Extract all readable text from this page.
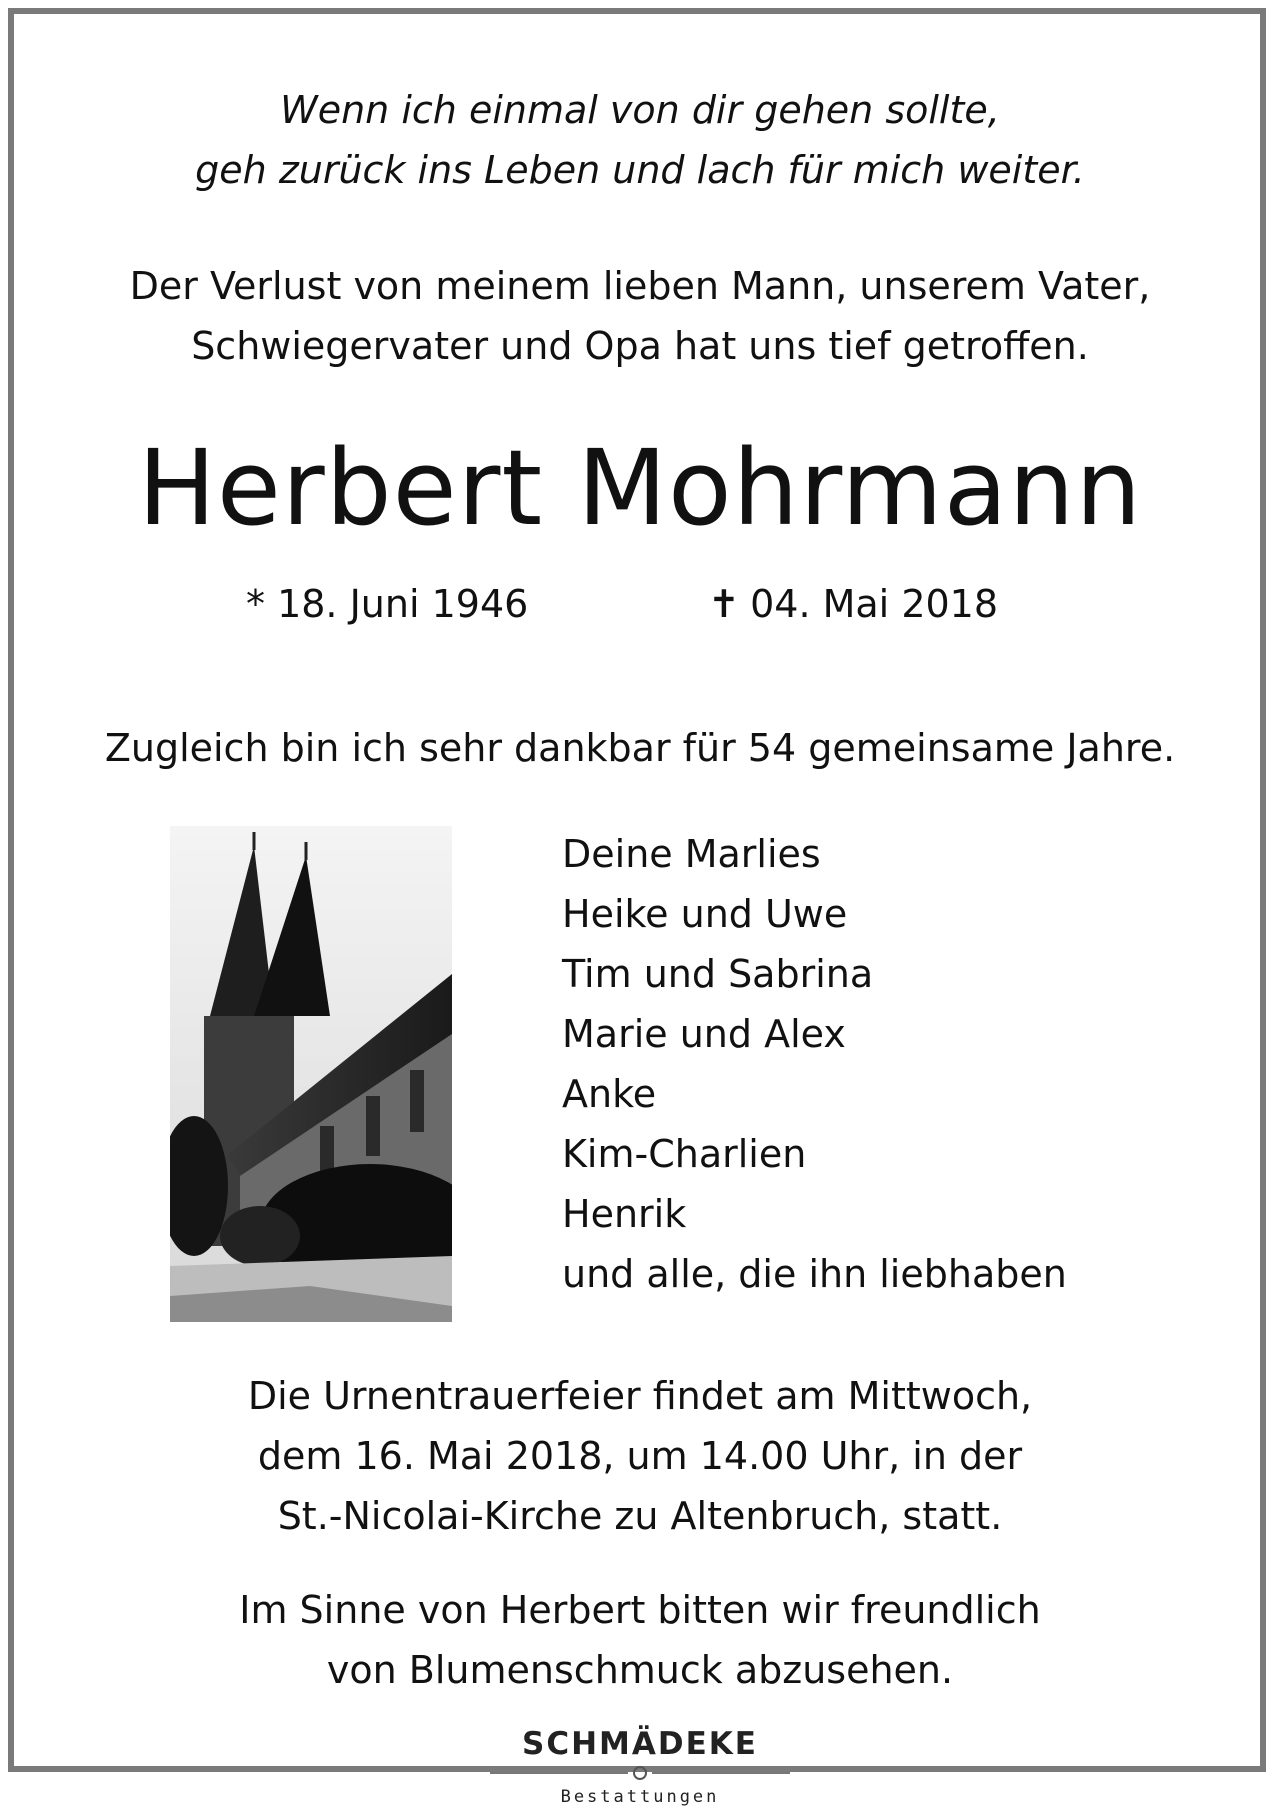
Wenn ich einmal von dir gehen sollte,
geh zurück ins Leben und lach für mich weiter.
Der Verlust von meinem lieben Mann, unserem Vater,
Schwiegervater und Opa hat uns tief getroffen.
Herbert Mohrmann
* 18. Juni 1946	✝ 04. Mai 2018
Zugleich bin ich sehr dankbar für 54 gemeinsame Jahre.
Deine Marlies
Heike und Uwe
Tim und Sabrina
Marie und Alex
Anke
Kim-Charlien
Henrik
und alle, die ihn liebhaben
Die Urnentrauerfeier findet am Mittwoch,
dem 16. Mai 2018, um 14.00 Uhr, in der
St.-Nicolai-Kirche zu Altenbruch, statt.
Im Sinne von Herbert bitten wir freundlich
von Blumenschmuck abzusehen.
SCHMÄDEKE
Bestattungen
